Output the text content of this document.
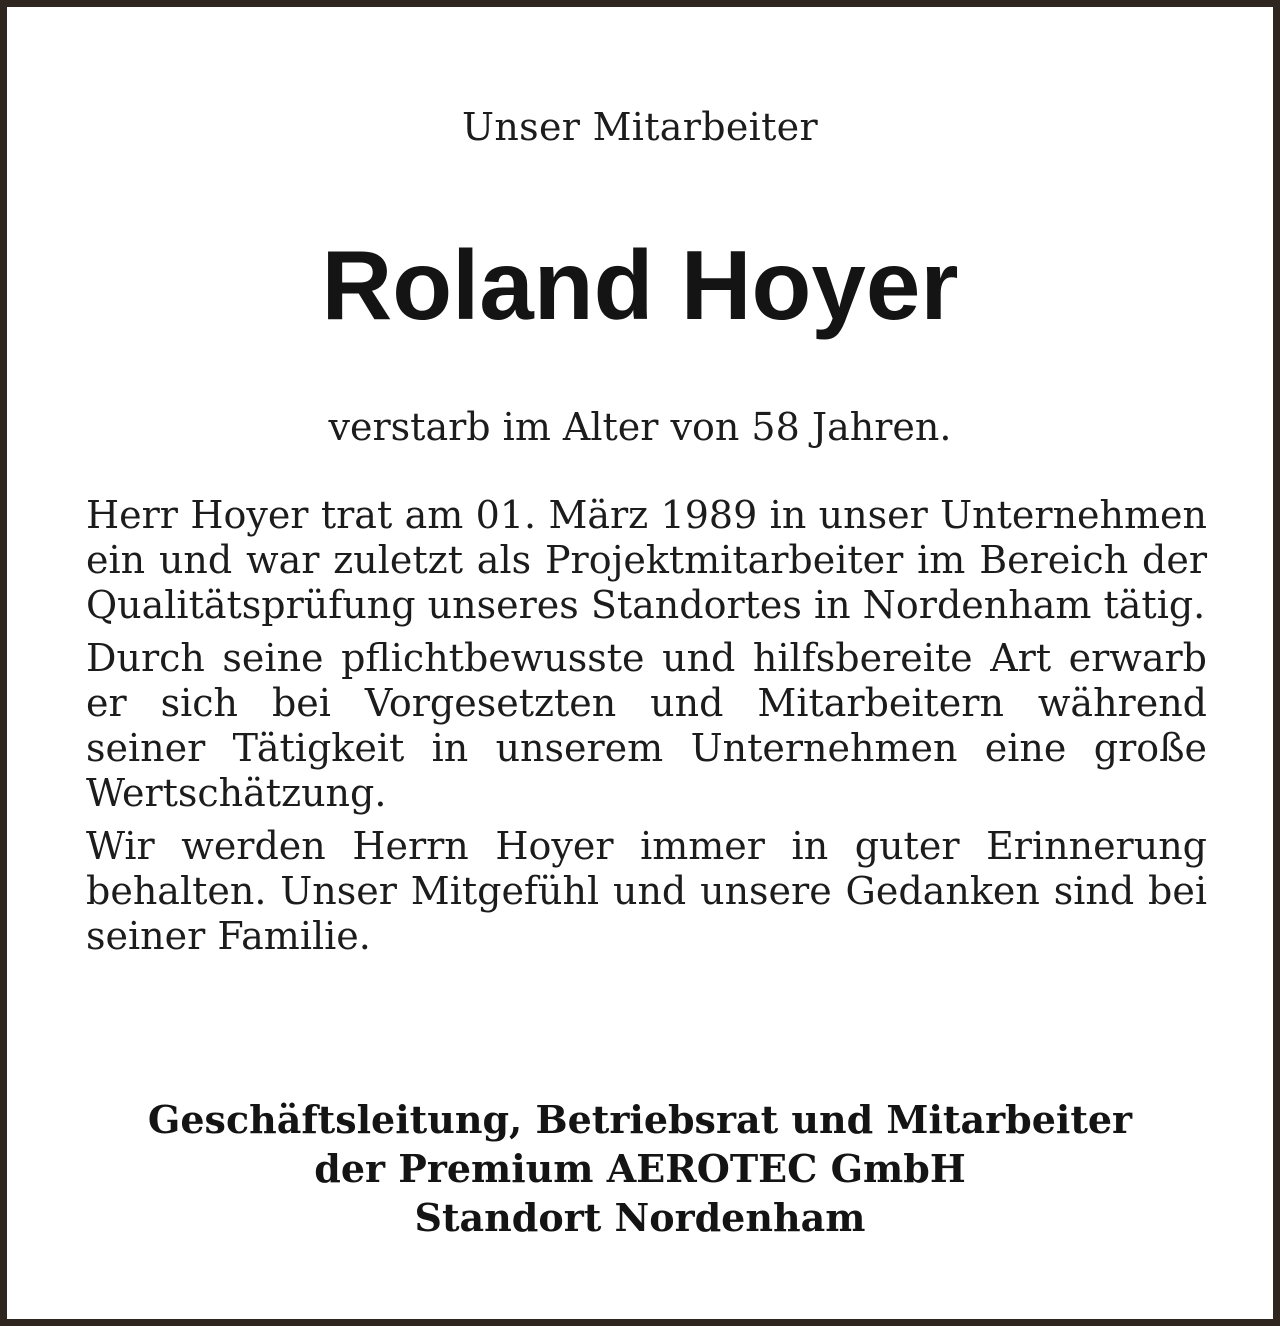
Unser Mitarbeiter
Roland Hoyer
verstarb im Alter von 58 Jahren.

Herr Hoyer trat am 01. März 1989 in unser Unternehmen ein und war zuletzt als Projektmitarbeiter im Bereich der Qualitätsprüfung unseres Standortes in Nordenham tätig.

Durch seine pflichtbewusste und hilfsbereite Art erwarb er sich bei Vorgesetzten und Mitarbeitern während seiner Tätigkeit in unserem Unternehmen eine große Wertschätzung.

Wir werden Herrn Hoyer immer in guter Erinnerung behalten. Unser Mitgefühl und unsere Gedanken sind bei seiner Familie.

Geschäftsleitung, Betriebsrat und Mitarbeiter
der Premium AEROTEC GmbH
Standort Nordenham
